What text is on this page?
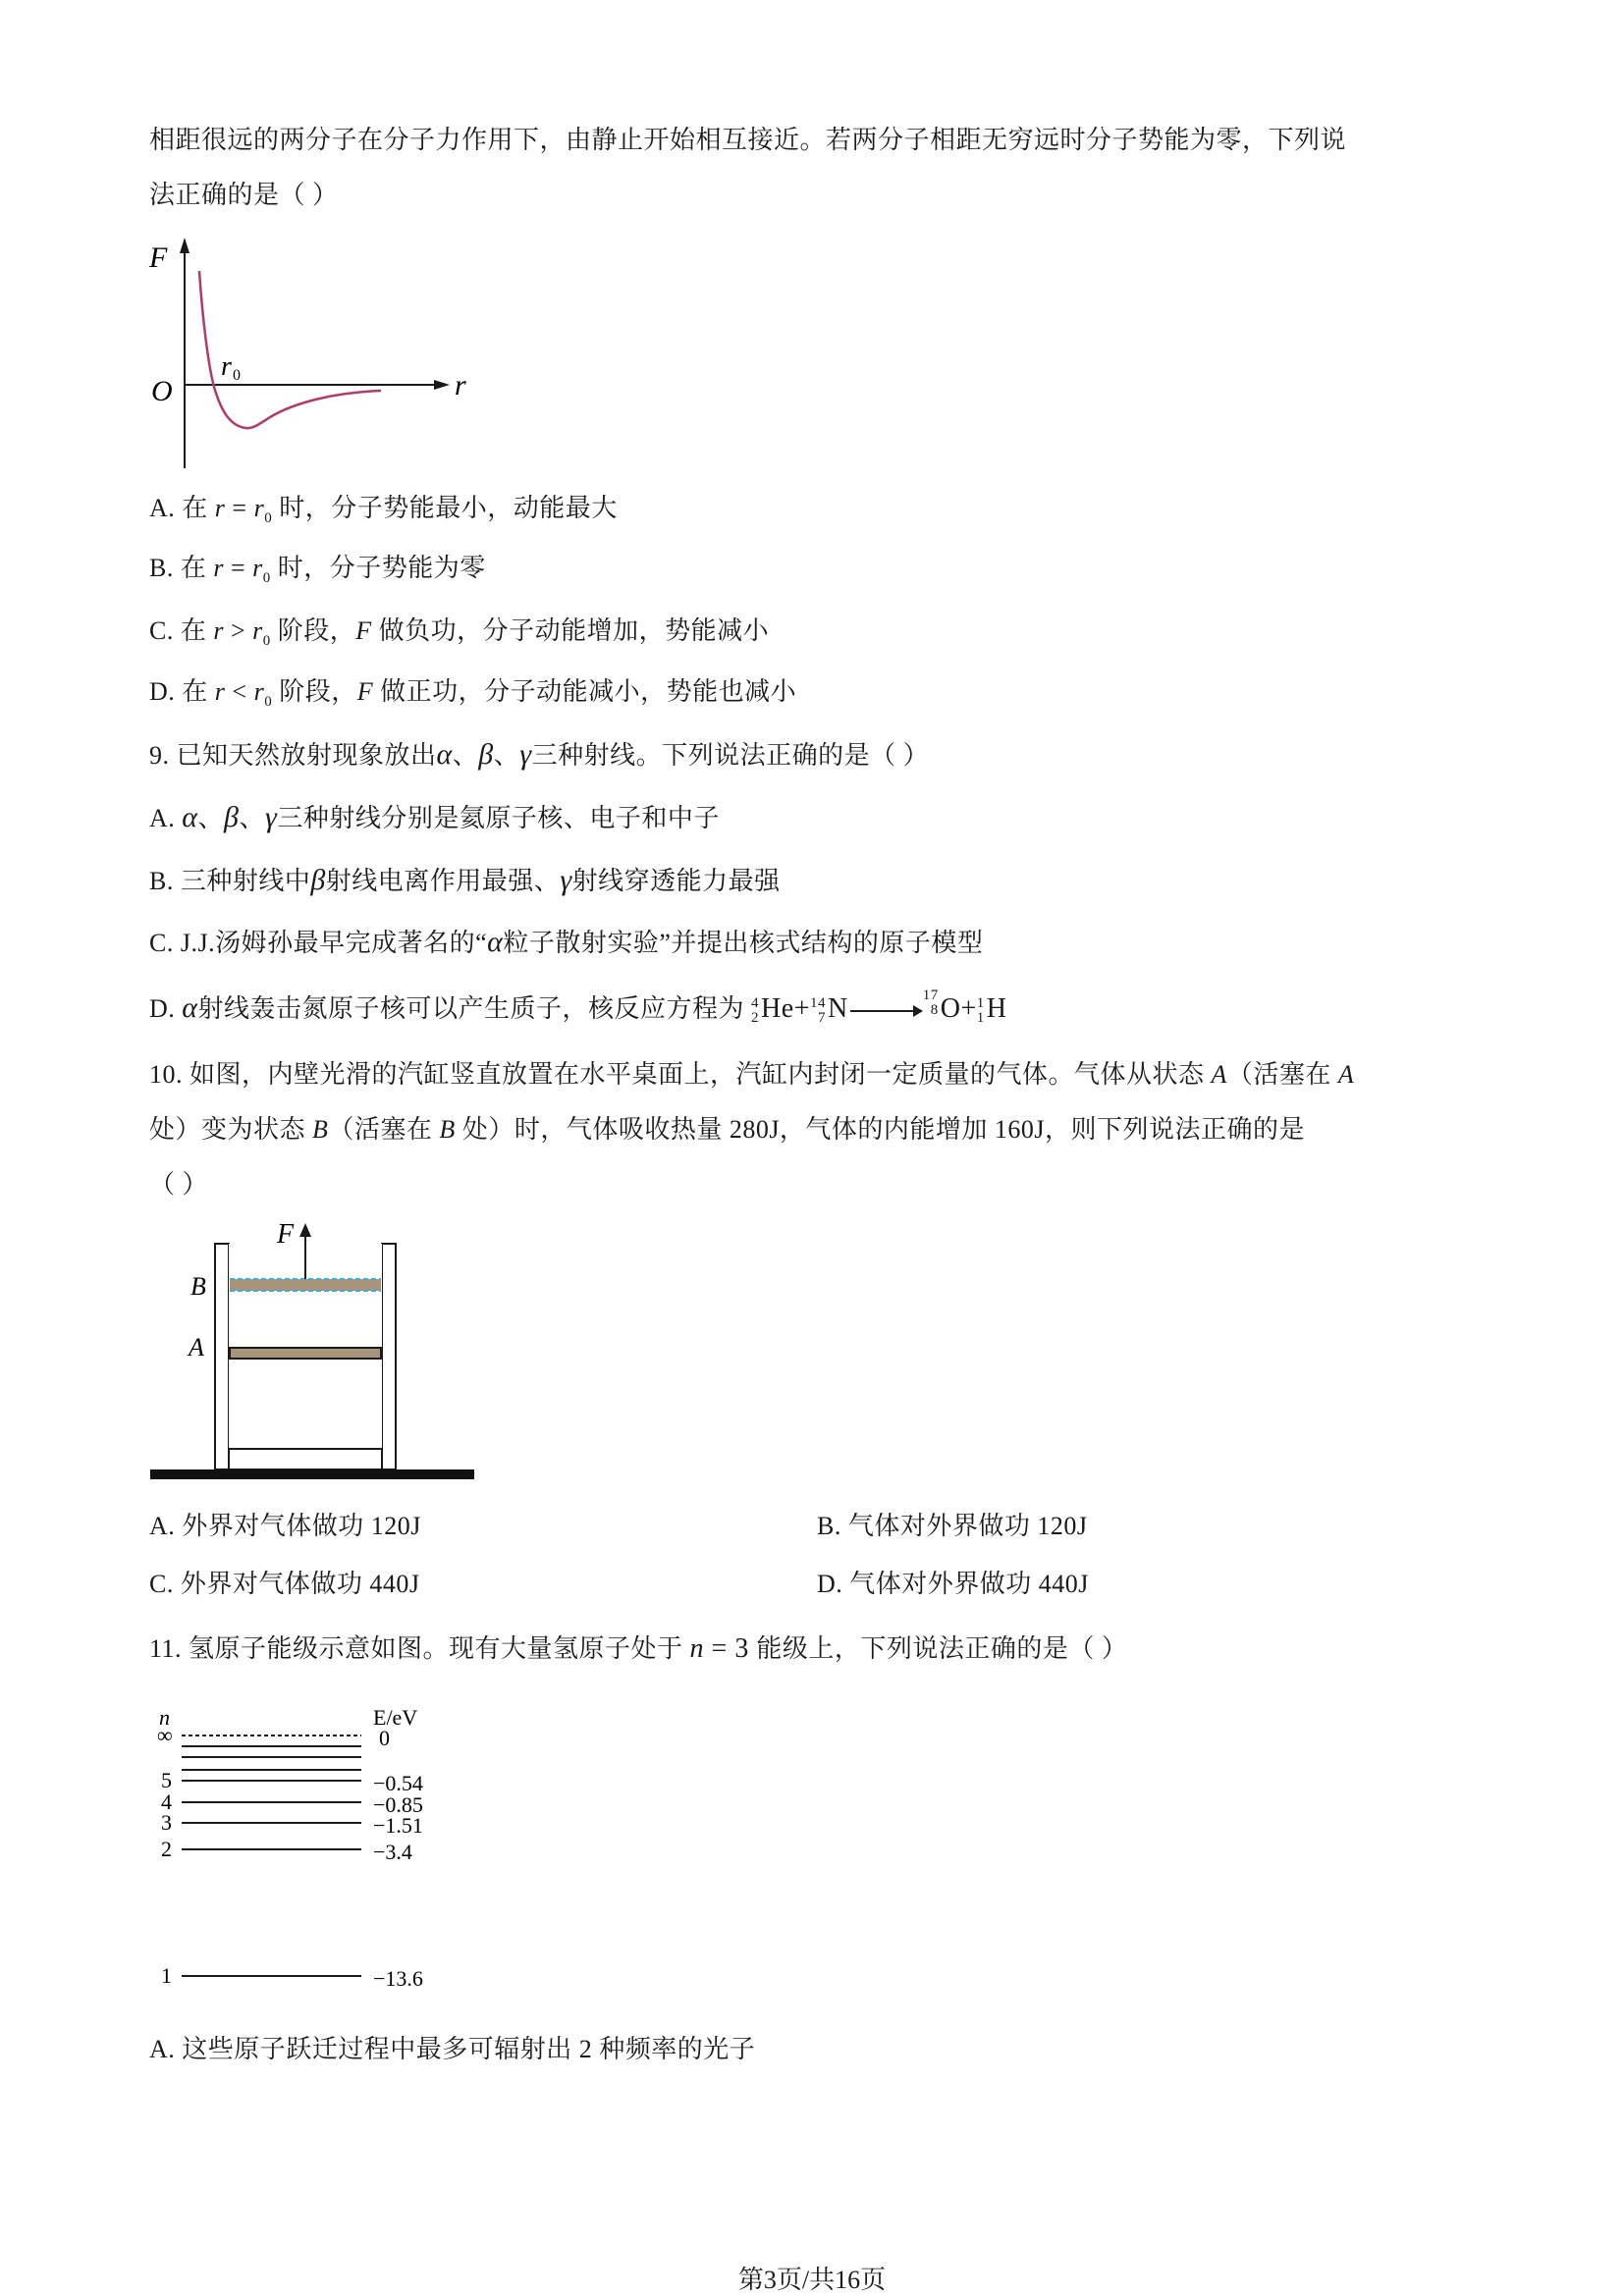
相距很远的两分子在分子力作用下，由静止开始相互接近。若两分子相距无穷远时分子势能为零，下列说
法正确的是（ ）
F
r
O
r 0
A. 在 $r = r_0$ 时，分子势能最小，动能最大
B. 在 $r = r_0$ 时，分子势能为零
C. 在 $r > r_0$ 阶段，F 做负功，分子动能增加，势能减小
D. 在 $r < r_0$ 阶段，F 做正功，分子动能减小，势能也减小
9. 已知天然放射现象放出α、β、γ三种射线。下列说法正确的是（ ）
A. α、β、γ三种射线分别是氦原子核、电子和中子
B. 三种射线中β射线电离作用最强、γ射线穿透能力最强
C. J.J.汤姆孙最早完成著名的“α粒子散射实验”并提出核式结构的原子模型
D. α射线轰击氮原子核可以产生质子，核反应方程为 4
2 He+ 14
7 N →
17
8 O+ 1
1 H
10. 如图，内壁光滑的汽缸竖直放置在水平桌面上，汽缸内封闭一定质量的气体。气体从状态 A（活塞在 A
处）变为状态 B（活塞在 B 处）时，气体吸收热量 280J，气体的内能增加 160J，则下列说法正确的是
（ ）
F
B
A
A. 外界对气体做功 120J	B. 气体对外界做功 120J
C. 外界对气体做功 440J	D. 气体对外界做功 440J
11. 氢原子能级示意如图。现有大量氢原子处于 n = 3 能级上，下列说法正确的是（ ）
n	E/eV
∞	0
5	−0.54
4	−0.85
3	−1.51
2	−3.4
1	−13.6
A. 这些原子跃迁过程中最多可辐射出 2 种频率的光子
第3页/共16页
